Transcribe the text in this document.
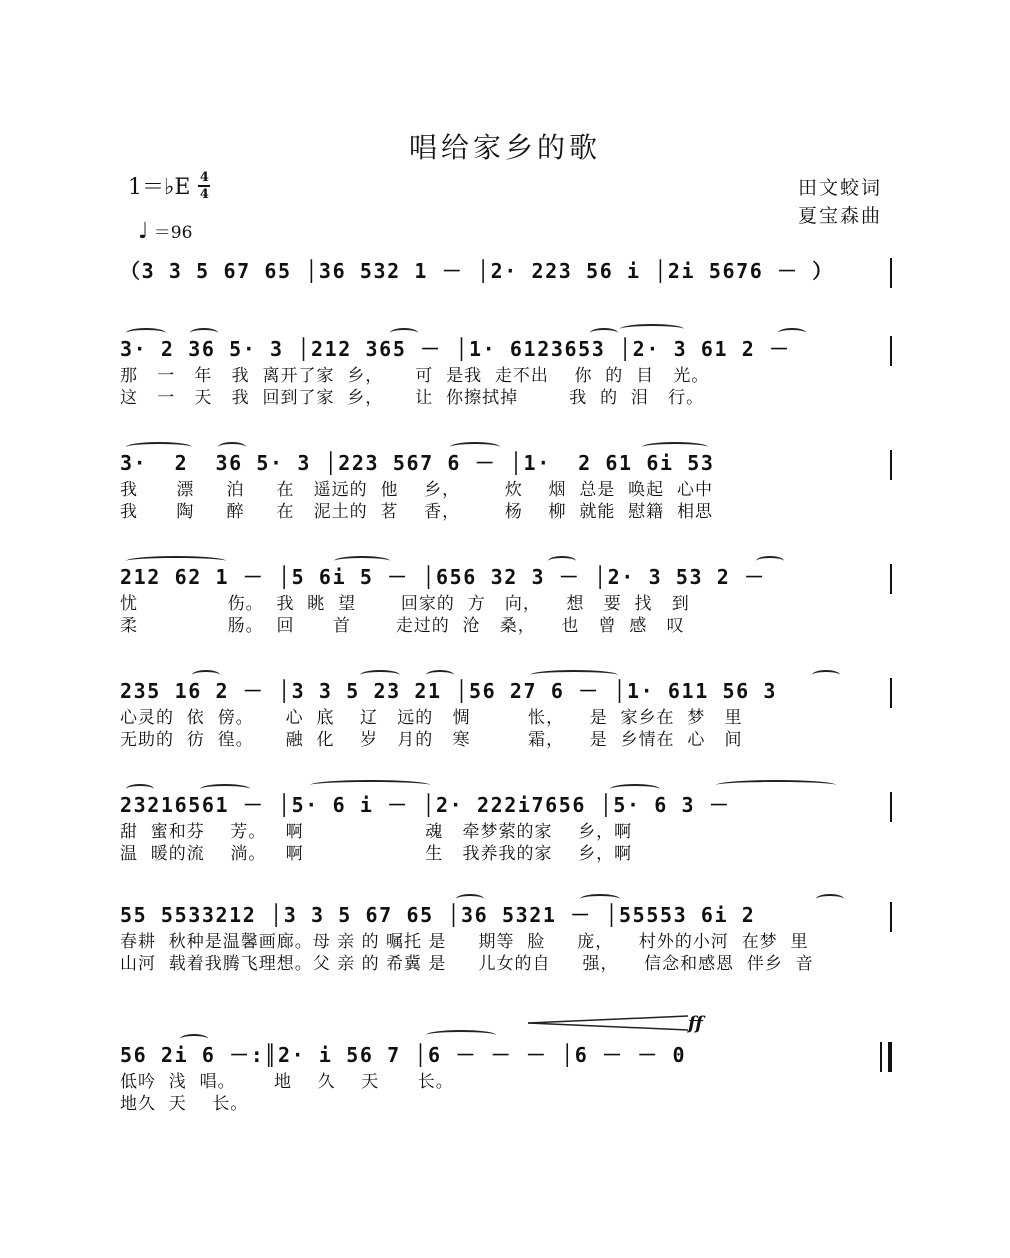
唱给家乡的歌
1＝♭E 4
4
♩ ＝96
田文蛟词
夏宝森曲
（3 3 5 67 65 │36 532 1 － │2· 223 56 i │2i 5676 － ）
3· 2 36 5· 3 │212 365 － │1· 6123653 │2· 3 61 2 －
那   一   年   我  离开了家  乡，     可  是我  走不出    你  的  目   光。
这   一   天   我  回到了家  乡，     让  你擦拭掉        我  的  泪   行。
3·  2  36 5· 3 │223 567 6 － │1·  2 61 6i 53
我      漂     泊     在   遥远的  他    乡，       炊    烟  总是  唤起  心中
我      陶     醉     在   泥土的  茗    香，       杨    柳  就能  慰籍  相思
212 62 1 － │5 6i 5 － │656 32 3 － │2· 3 53 2 －
忧              伤。  我  眺  望       回家的  方   向，    想   要  找   到
柔              肠。  回      首       走过的  沧   桑，    也   曾  感   叹
235 16 2 － │3 3 5 23 21 │56 27 6 － │1· 611 56 3
心灵的  依  傍。     心  底    辽   远的   惆         怅，    是  家乡在  梦   里
无助的  彷  徨。     融  化    岁   月的   寒         霜，    是  乡情在  心   间
23216561 － │5· 6 i － │2· 222i7656 │5· 6 3 －
甜  蜜和芬    芳。   啊                   魂   牵梦萦的家    乡，啊
温  暖的流    淌。   啊                   生   我养我的家    乡，啊
55 5533212 │3 3 5 67 65 │36 5321 － │55553 6i 2
春耕  秋种是温馨画廊。母 亲 的 嘱托 是     期等  脸     庞，    村外的小河  在梦  里
山河  载着我腾飞理想。父 亲 的 希冀 是     儿女的自     强，    信念和感恩  伴乡  音
ff
56 2i 6 －:║2· i 56 7 │6 － － － │6 － － 0
低吟  浅  唱。      地    久    天      长。
地久  天    长。
